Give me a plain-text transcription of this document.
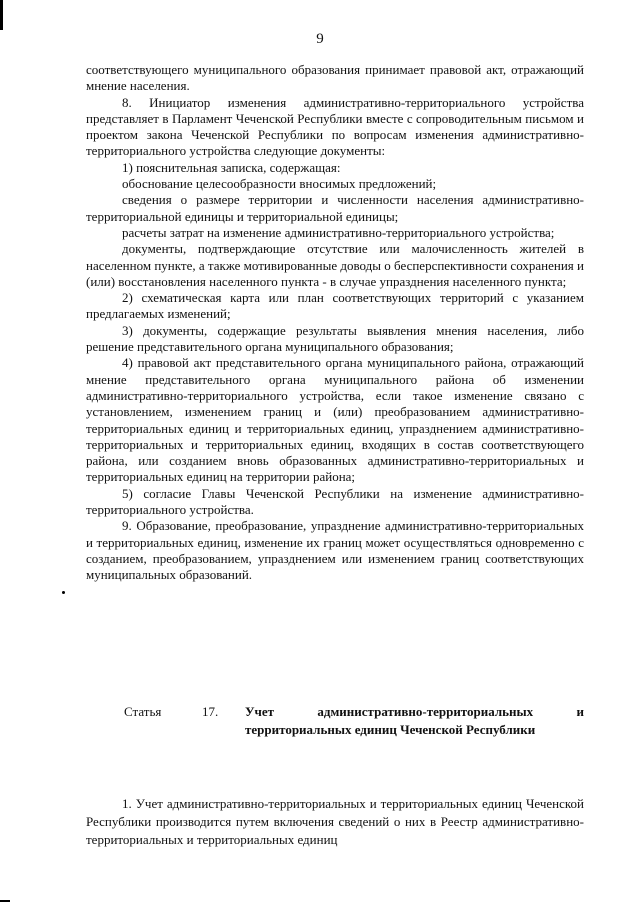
9

соответствующего муниципального образования принимает правовой акт, отражающий мнение населения.

8. Инициатор изменения административно-территориального устройства представляет в Парламент Чеченской Республики вместе с сопроводительным письмом и проектом закона Чеченской Республики по вопросам изменения административно-территориального устройства следующие документы:

1) пояснительная записка, содержащая:

обоснование целесообразности вносимых предложений;

сведения о размере территории и численности населения административно-территориальной единицы и территориальной единицы;

расчеты затрат на изменение административно-территориального устройства;

документы, подтверждающие отсутствие или малочисленность жителей в населенном пункте, а также мотивированные доводы о бесперспективности сохранения и (или) восстановления населенного пункта - в случае упразднения населенного пункта;

2) схематическая карта или план соответствующих территорий с указанием предлагаемых изменений;

3) документы, содержащие результаты выявления мнения населения, либо решение представительного органа муниципального образования;

4) правовой акт представительного органа муниципального района, отражающий мнение представительного органа муниципального района об изменении административно-территориального устройства, если такое изменение связано с установлением, изменением границ и (или) преобразованием административно-территориальных единиц и территориальных единиц, упразднением административно-территориальных и территориальных единиц, входящих в состав соответствующего района, или созданием вновь образованных административно-территориальных и территориальных единиц на территории района;

5) согласие Главы Чеченской Республики на изменение административно-территориального устройства.

9. Образование, преобразование, упразднение административно-территориальных и территориальных единиц, изменение их границ может осуществляться одновременно с созданием, преобразованием, упразднением или изменением границ соответствующих муниципальных образований.

Статья	17.	Учет административно-территориальных и
территориальных единиц Чеченской Республики

1. Учет административно-территориальных и территориальных единиц Чеченской Республики производится путем включения сведений о них в Реестр административно-территориальных и территориальных единиц
